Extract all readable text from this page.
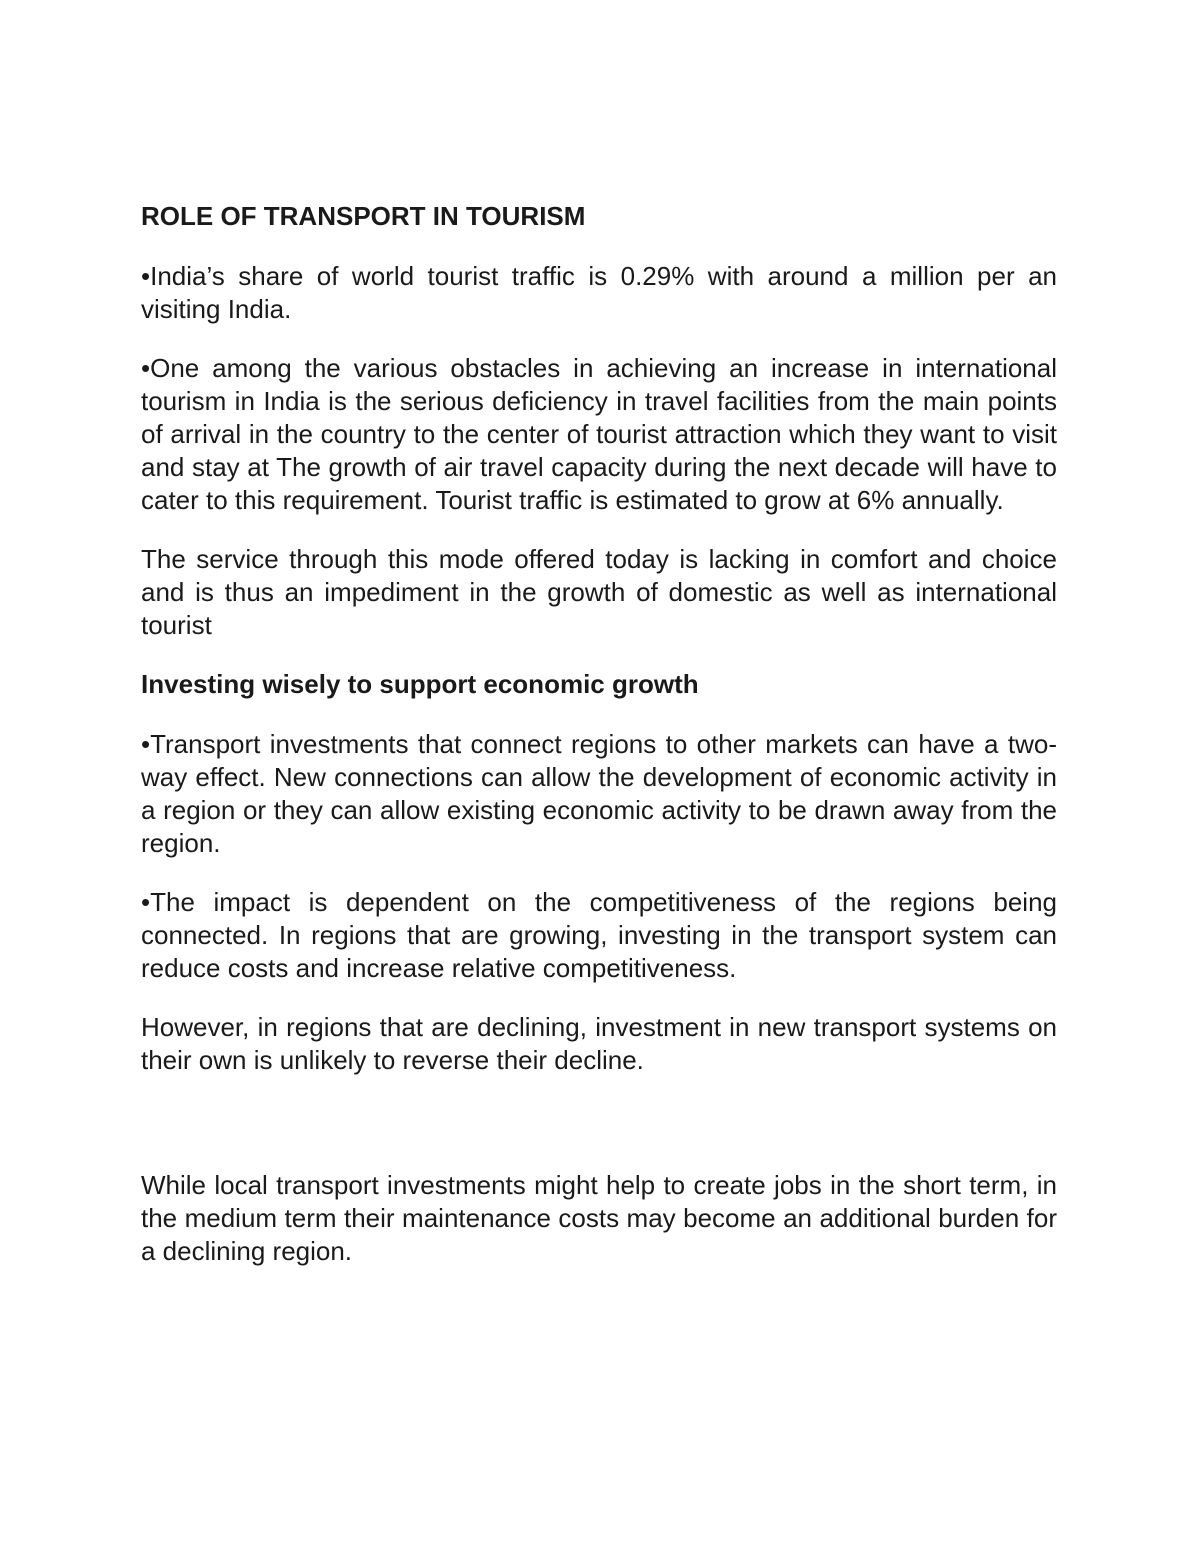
ROLE OF TRANSPORT IN TOURISM

•India’s share of world tourist traffic is 0.29% with around a million per an visiting India.

•One among the various obstacles in achieving an increase in international tourism in India is the serious deficiency in travel facilities from the main points of arrival in the country to the center of tourist attraction which they want to visit and stay at The growth of air travel capacity during the next decade will have to cater to this requirement. Tourist traffic is estimated to grow at 6% annually.

The service through this mode offered today is lacking in comfort and choice and is thus an impediment in the growth of domestic as well as international tourist

Investing wisely to support economic growth

•Transport investments that connect regions to other markets can have a two-way effect. New connections can allow the development of economic activity in a region or they can allow existing economic activity to be drawn away from the region.

•The impact is dependent on the competitiveness of the regions being connected. In regions that are growing, investing in the transport system can reduce costs and increase relative competitiveness.

However, in regions that are declining, investment in new transport systems on their own is unlikely to reverse their decline.

While local transport investments might help to create jobs in the short term, in the medium term their maintenance costs may become an additional burden for a declining region.
